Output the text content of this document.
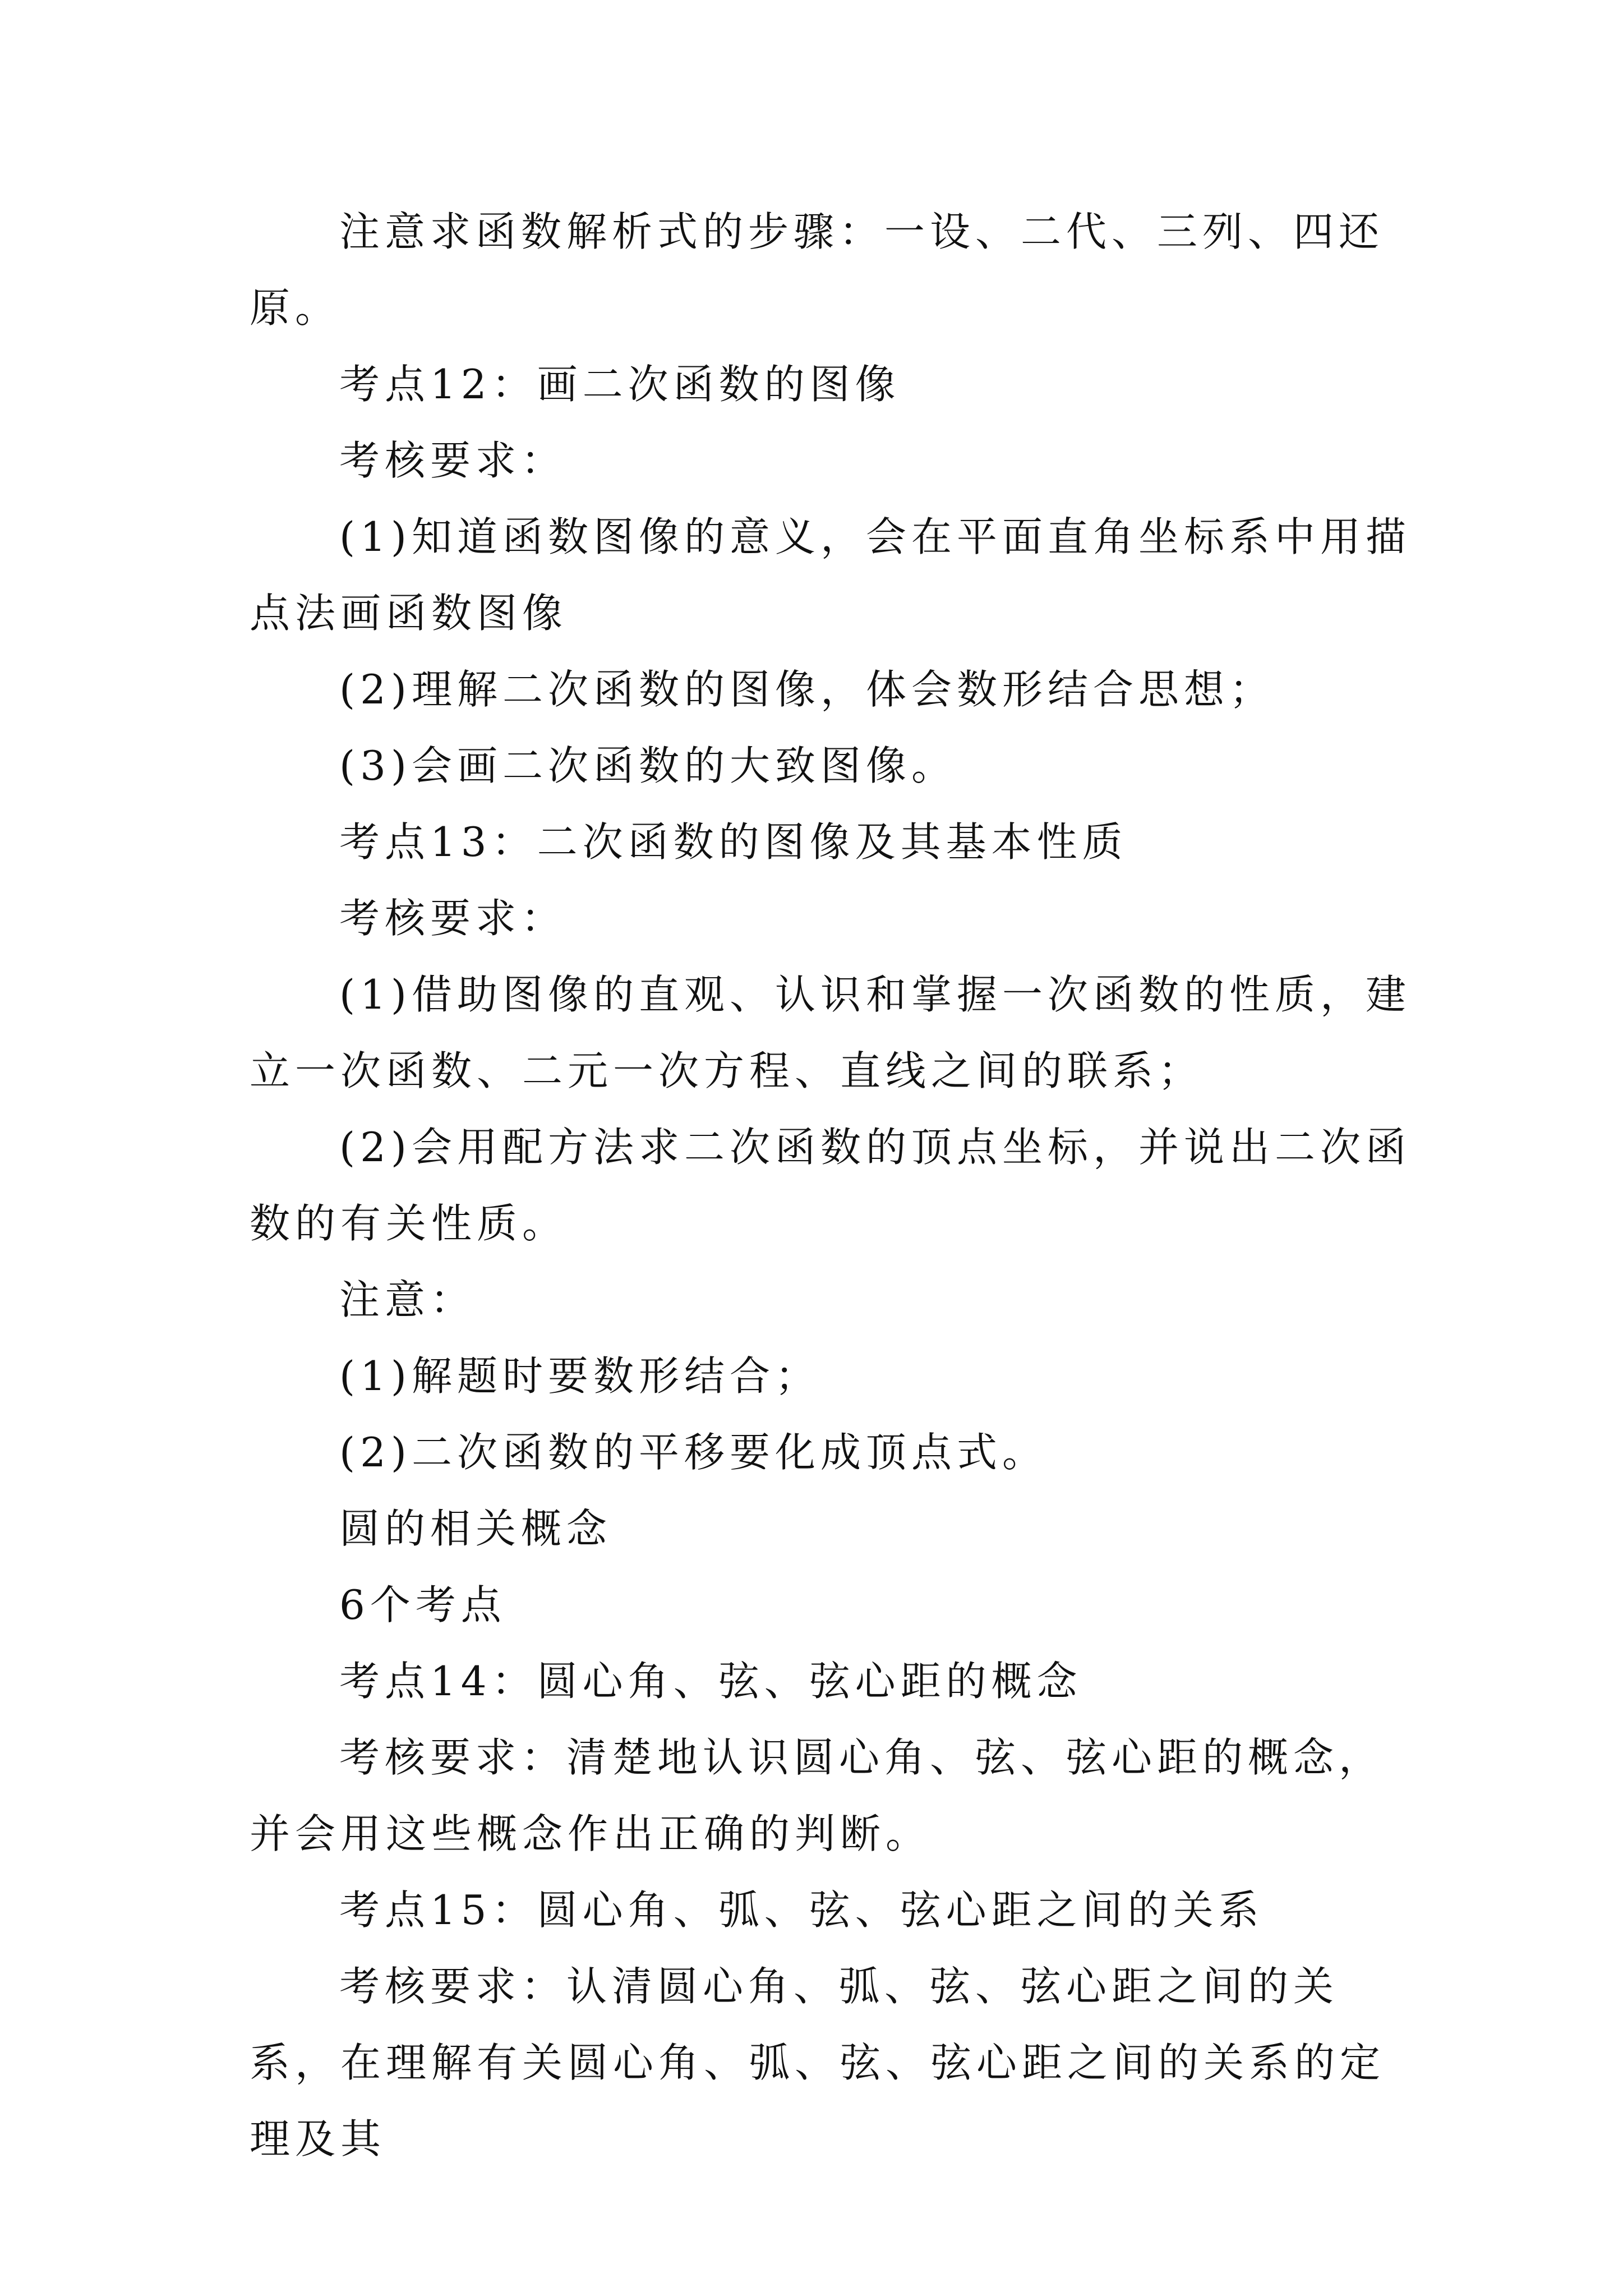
注意求函数解析式的步骤：一设、二代、三列、四还原。

考点12：画二次函数的图像

考核要求：

(1)知道函数图像的意义，会在平面直角坐标系中用描点法画函数图像

(2)理解二次函数的图像，体会数形结合思想；

(3)会画二次函数的大致图像。

考点13：二次函数的图像及其基本性质

考核要求：

(1)借助图像的直观、认识和掌握一次函数的性质，建立一次函数、二元一次方程、直线之间的联系；

(2)会用配方法求二次函数的顶点坐标，并说出二次函数的有关性质。

注意：

(1)解题时要数形结合；

(2)二次函数的平移要化成顶点式。

圆的相关概念

6个考点

考点14：圆心角、弦、弦心距的概念

考核要求：清楚地认识圆心角、弦、弦心距的概念，并会用这些概念作出正确的判断。

考点15：圆心角、弧、弦、弦心距之间的关系

考核要求：认清圆心角、弧、弦、弦心距之间的关系，在理解有关圆心角、弧、弦、弦心距之间的关系的定理及其
